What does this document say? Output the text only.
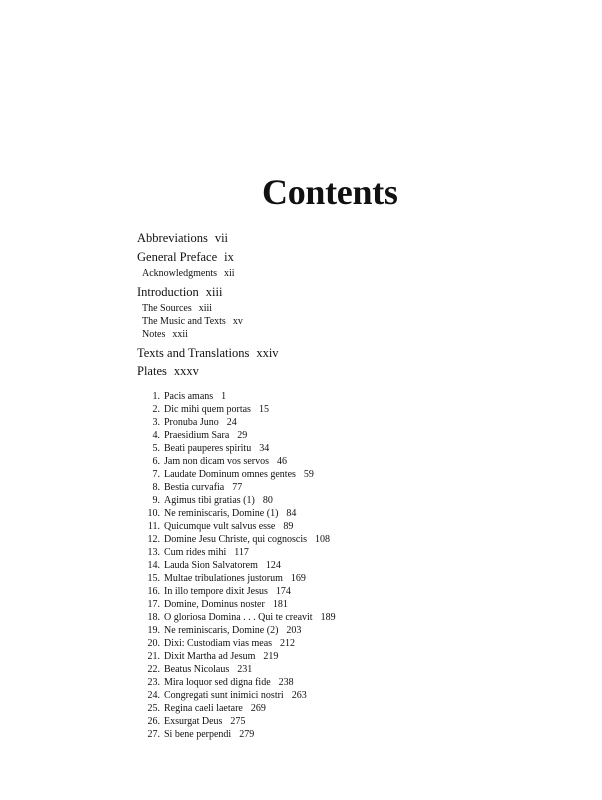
Contents
Abbreviations vii
General Preface ix
Acknowledgments xii
Introduction xiii
The Sources xiii
The Music and Texts xv
Notes xxii
Texts and Translations xxiv
Plates xxxv
1. Pacis amans 1
2. Dic mihi quem portas 15
3. Pronuba Juno 24
4. Praesidium Sara 29
5. Beati pauperes spiritu 34
6. Jam non dicam vos servos 46
7. Laudate Dominum omnes gentes 59
8. Bestia curvafia 77
9. Agimus tibi gratias (1) 80
10. Ne reminiscaris, Domine (1) 84
11. Quicumque vult salvus esse 89
12. Domine Jesu Christe, qui cognoscis 108
13. Cum rides mihi 117
14. Lauda Sion Salvatorem 124
15. Multae tribulationes justorum 169
16. In illo tempore dixit Jesus 174
17. Domine, Dominus noster 181
18. O gloriosa Domina . . . Qui te creavit 189
19. Ne reminiscaris, Domine (2) 203
20. Dixi: Custodiam vias meas 212
21. Dixit Martha ad Jesum 219
22. Beatus Nicolaus 231
23. Mira loquor sed digna fide 238
24. Congregati sunt inimici nostri 263
25. Regina caeli laetare 269
26. Exsurgat Deus 275
27. Si bene perpendi 279
